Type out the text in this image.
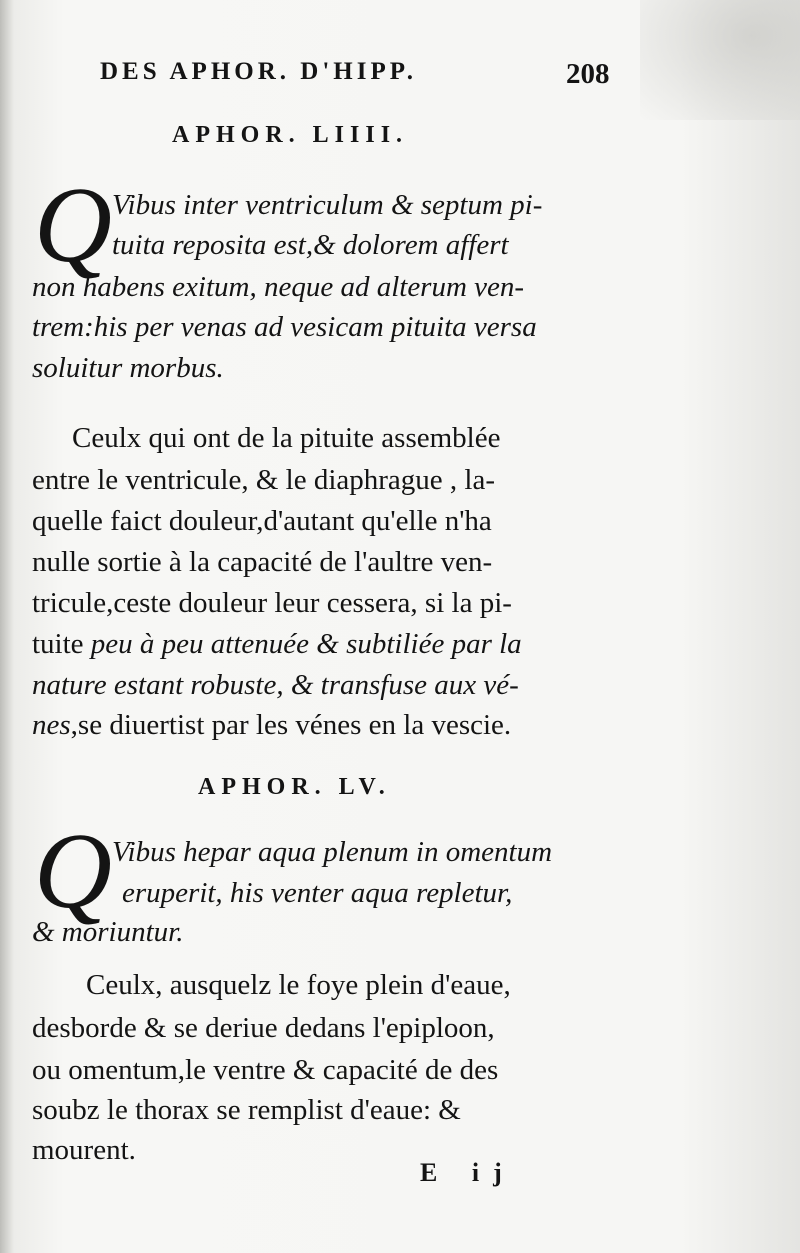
DES APHOR. D'HIPP.	208
APHOR. LIIII.
Q Vibus inter ventriculum & septum pi-
tuita reposita est,& dolorem affert
non habens exitum, neque ad alterum ven-
trem:his per venas ad vesicam pituita versa
soluitur morbus.
Ceulx qui ont de la pituite assemblée
entre le ventricule, & le diaphrague , la-
quelle faict douleur,d'autant qu'elle n'ha
nulle sortie à la capacité de l'aultre ven-
tricule,ceste douleur leur cessera, si la pi-
tuite peu à peu attenuée & subtiliée par la
nature estant robuste, & transfuse aux vé-
nes,se diuertist par les vénes en la vescie.
APHOR. LV.
Q Vibus hepar aqua plenum in omentum
eruperit, his venter aqua repletur,
& moriuntur.
Ceulx, ausquelz le foye plein d'eaue,
desborde & se deriue dedans l'epiploon,
ou omentum,le ventre & capacité de des
soubz le thorax se remplist d'eaue: &
mourent.
E ij
